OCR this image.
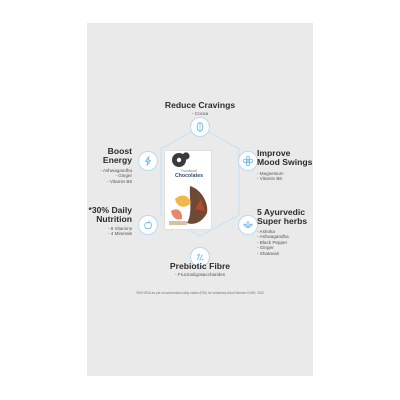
Functional
Chocolates
Reduce Cravings
- Cocoa
Boost
Energy
- Ashwagandha
- Ginger
- Vitamin B6
*30% Daily
Nutrition
- 8 Vitamins
- 4 Minerals
Improve
Mood Swings
- Magnesium
- Vitamin B6
5 Ayurvedic
Super herbs
- Ashoka
- Ashwagandha
- Black Pepper
- Ginger
- Shatavari
Prebiotic Fibre
- Fructooligosaccharides
*30% RDA as per recommended daily intake (RDI) for sedentary Adult Women ICMR, 2010
